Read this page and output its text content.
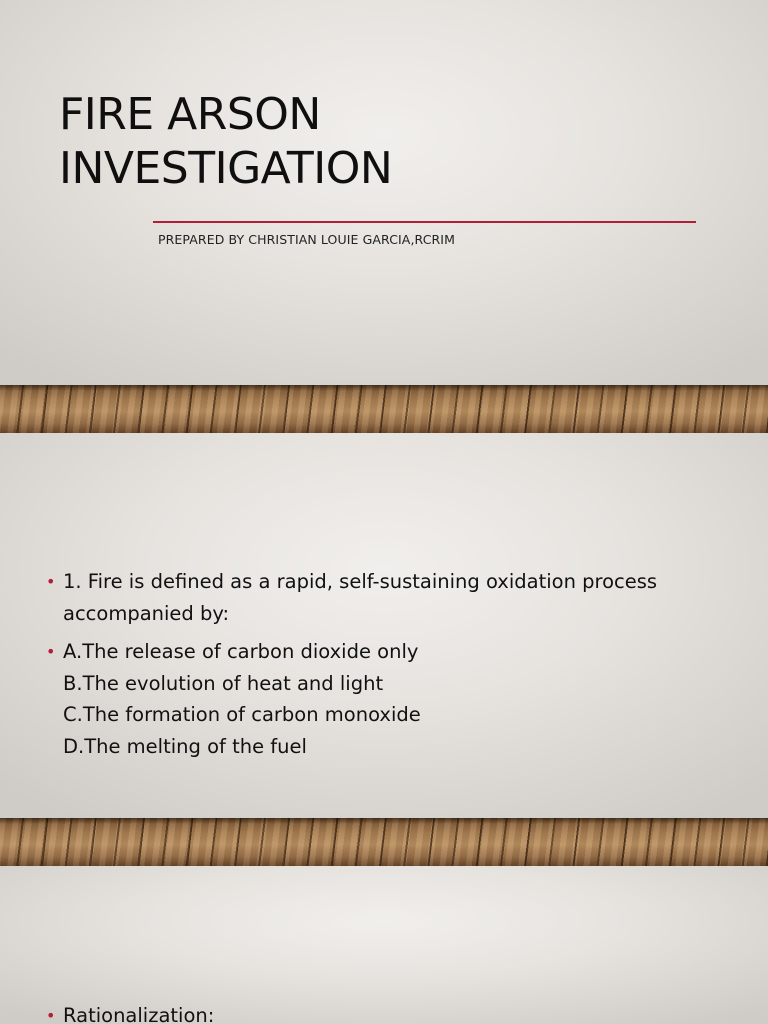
FIRE ARSON
INVESTIGATION
PREPARED BY CHRISTIAN LOUIE GARCIA,RCRIM
• 1. Fire is defined as a rapid, self-sustaining oxidation process
accompanied by:
• A.The release of carbon dioxide only
B.The evolution of heat and light
C.The formation of carbon monoxide
D.The melting of the fuel
• Rationalization:
